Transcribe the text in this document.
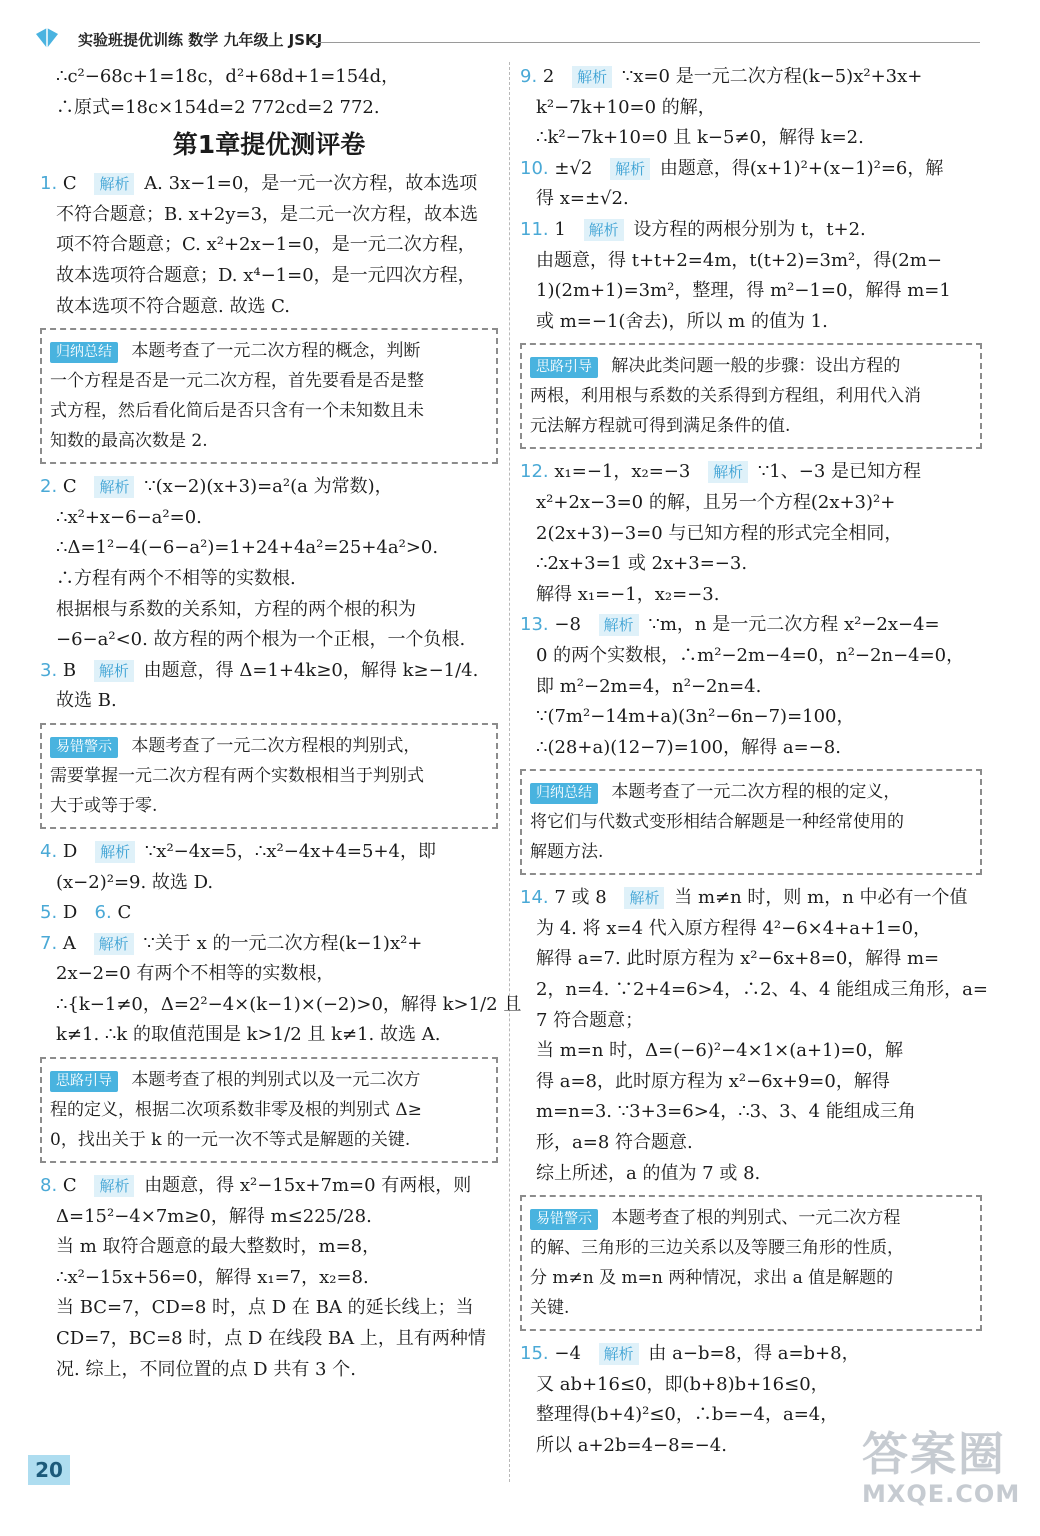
实验班提优训练 数学 九年级上 JSKJ
∴c²−68c+1=18c，d²+68d+1=154d，
∴原式=18c×154d=2 772cd=2 772.
第1章提优测评卷
1. C 解析 A. 3x−1=0，是一元一次方程，故本选项
不符合题意；B. x+2y=3，是二元一次方程，故本选
项不符合题意；C. x²+2x−1=0，是一元二次方程，
故本选项符合题意；D. x⁴−1=0，是一元四次方程，
故本选项不符合题意. 故选 C.
归纳总结 本题考查了一元二次方程的概念，判断
一个方程是否是一元二次方程，首先要看是否是整
式方程，然后看化简后是否只含有一个未知数且未
知数的最高次数是 2.
2. C 解析 ∵(x−2)(x+3)=a²(a 为常数)，
∴x²+x−6−a²=0.
∴Δ=1²−4(−6−a²)=1+24+4a²=25+4a²>0.
∴方程有两个不相等的实数根.
根据根与系数的关系知，方程的两个根的积为
−6−a²<0. 故方程的两个根为一个正根，一个负根.
3. B 解析 由题意，得 Δ=1+4k≥0，解得 k≥−1/4.
故选 B.
易错警示 本题考查了一元二次方程根的判别式，
需要掌握一元二次方程有两个实数根相当于判别式
大于或等于零.
4. D 解析 ∵x²−4x=5，∴x²−4x+4=5+4，即
(x−2)²=9. 故选 D.
5. D 6. C
7. A 解析 ∵关于 x 的一元二次方程(k−1)x²+
2x−2=0 有两个不相等的实数根，
∴{k−1≠0，Δ=2²−4×(k−1)×(−2)>0，解得 k>1/2 且
k≠1. ∴k 的取值范围是 k>1/2 且 k≠1. 故选 A.
思路引导 本题考查了根的判别式以及一元二次方
程的定义，根据二次项系数非零及根的判别式 Δ≥
0，找出关于 k 的一元一次不等式是解题的关键.
8. C 解析 由题意，得 x²−15x+7m=0 有两根，则
Δ=15²−4×7m≥0，解得 m≤225/28.
当 m 取符合题意的最大整数时，m=8，
∴x²−15x+56=0，解得 x₁=7，x₂=8.
当 BC=7，CD=8 时，点 D 在 BA 的延长线上；当
CD=7，BC=8 时，点 D 在线段 BA 上，且有两种情
况. 综上，不同位置的点 D 共有 3 个.
9. 2 解析 ∵x=0 是一元二次方程(k−5)x²+3x+
k²−7k+10=0 的解，
∴k²−7k+10=0 且 k−5≠0，解得 k=2.
10. ±√2 解析 由题意，得(x+1)²+(x−1)²=6，解
得 x=±√2.
11. 1 解析 设方程的两根分别为 t，t+2.
由题意，得 t+t+2=4m，t(t+2)=3m²，得(2m−
1)(2m+1)=3m²，整理，得 m²−1=0，解得 m=1
或 m=−1(舍去)，所以 m 的值为 1.
思路引导 解决此类问题一般的步骤：设出方程的
两根，利用根与系数的关系得到方程组，利用代入消
元法解方程就可得到满足条件的值.
12. x₁=−1，x₂=−3 解析 ∵1、−3 是已知方程
x²+2x−3=0 的解，且另一个方程(2x+3)²+
2(2x+3)−3=0 与已知方程的形式完全相同，
∴2x+3=1 或 2x+3=−3.
解得 x₁=−1，x₂=−3.
13. −8 解析 ∵m，n 是一元二次方程 x²−2x−4=
0 的两个实数根，∴m²−2m−4=0，n²−2n−4=0，
即 m²−2m=4，n²−2n=4.
∵(7m²−14m+a)(3n²−6n−7)=100，
∴(28+a)(12−7)=100，解得 a=−8.
归纳总结 本题考查了一元二次方程的根的定义，
将它们与代数式变形相结合解题是一种经常使用的
解题方法.
14. 7 或 8 解析 当 m≠n 时，则 m，n 中必有一个值
为 4. 将 x=4 代入原方程得 4²−6×4+a+1=0，
解得 a=7. 此时原方程为 x²−6x+8=0，解得 m=
2，n=4. ∵2+4=6>4，∴2、4、4 能组成三角形，a=
7 符合题意；
当 m=n 时，Δ=(−6)²−4×1×(a+1)=0，解
得 a=8，此时原方程为 x²−6x+9=0，解得
m=n=3. ∵3+3=6>4，∴3、3、4 能组成三角
形，a=8 符合题意.
综上所述，a 的值为 7 或 8.
易错警示 本题考查了根的判别式、一元二次方程
的解、三角形的三边关系以及等腰三角形的性质，
分 m≠n 及 m=n 两种情况，求出 a 值是解题的
关键.
15. −4 解析 由 a−b=8，得 a=b+8，
又 ab+16≤0，即(b+8)b+16≤0，
整理得(b+4)²≤0，∴b=−4，a=4，
所以 a+2b=4−8=−4.
20	答案圈
MXQE.COM
